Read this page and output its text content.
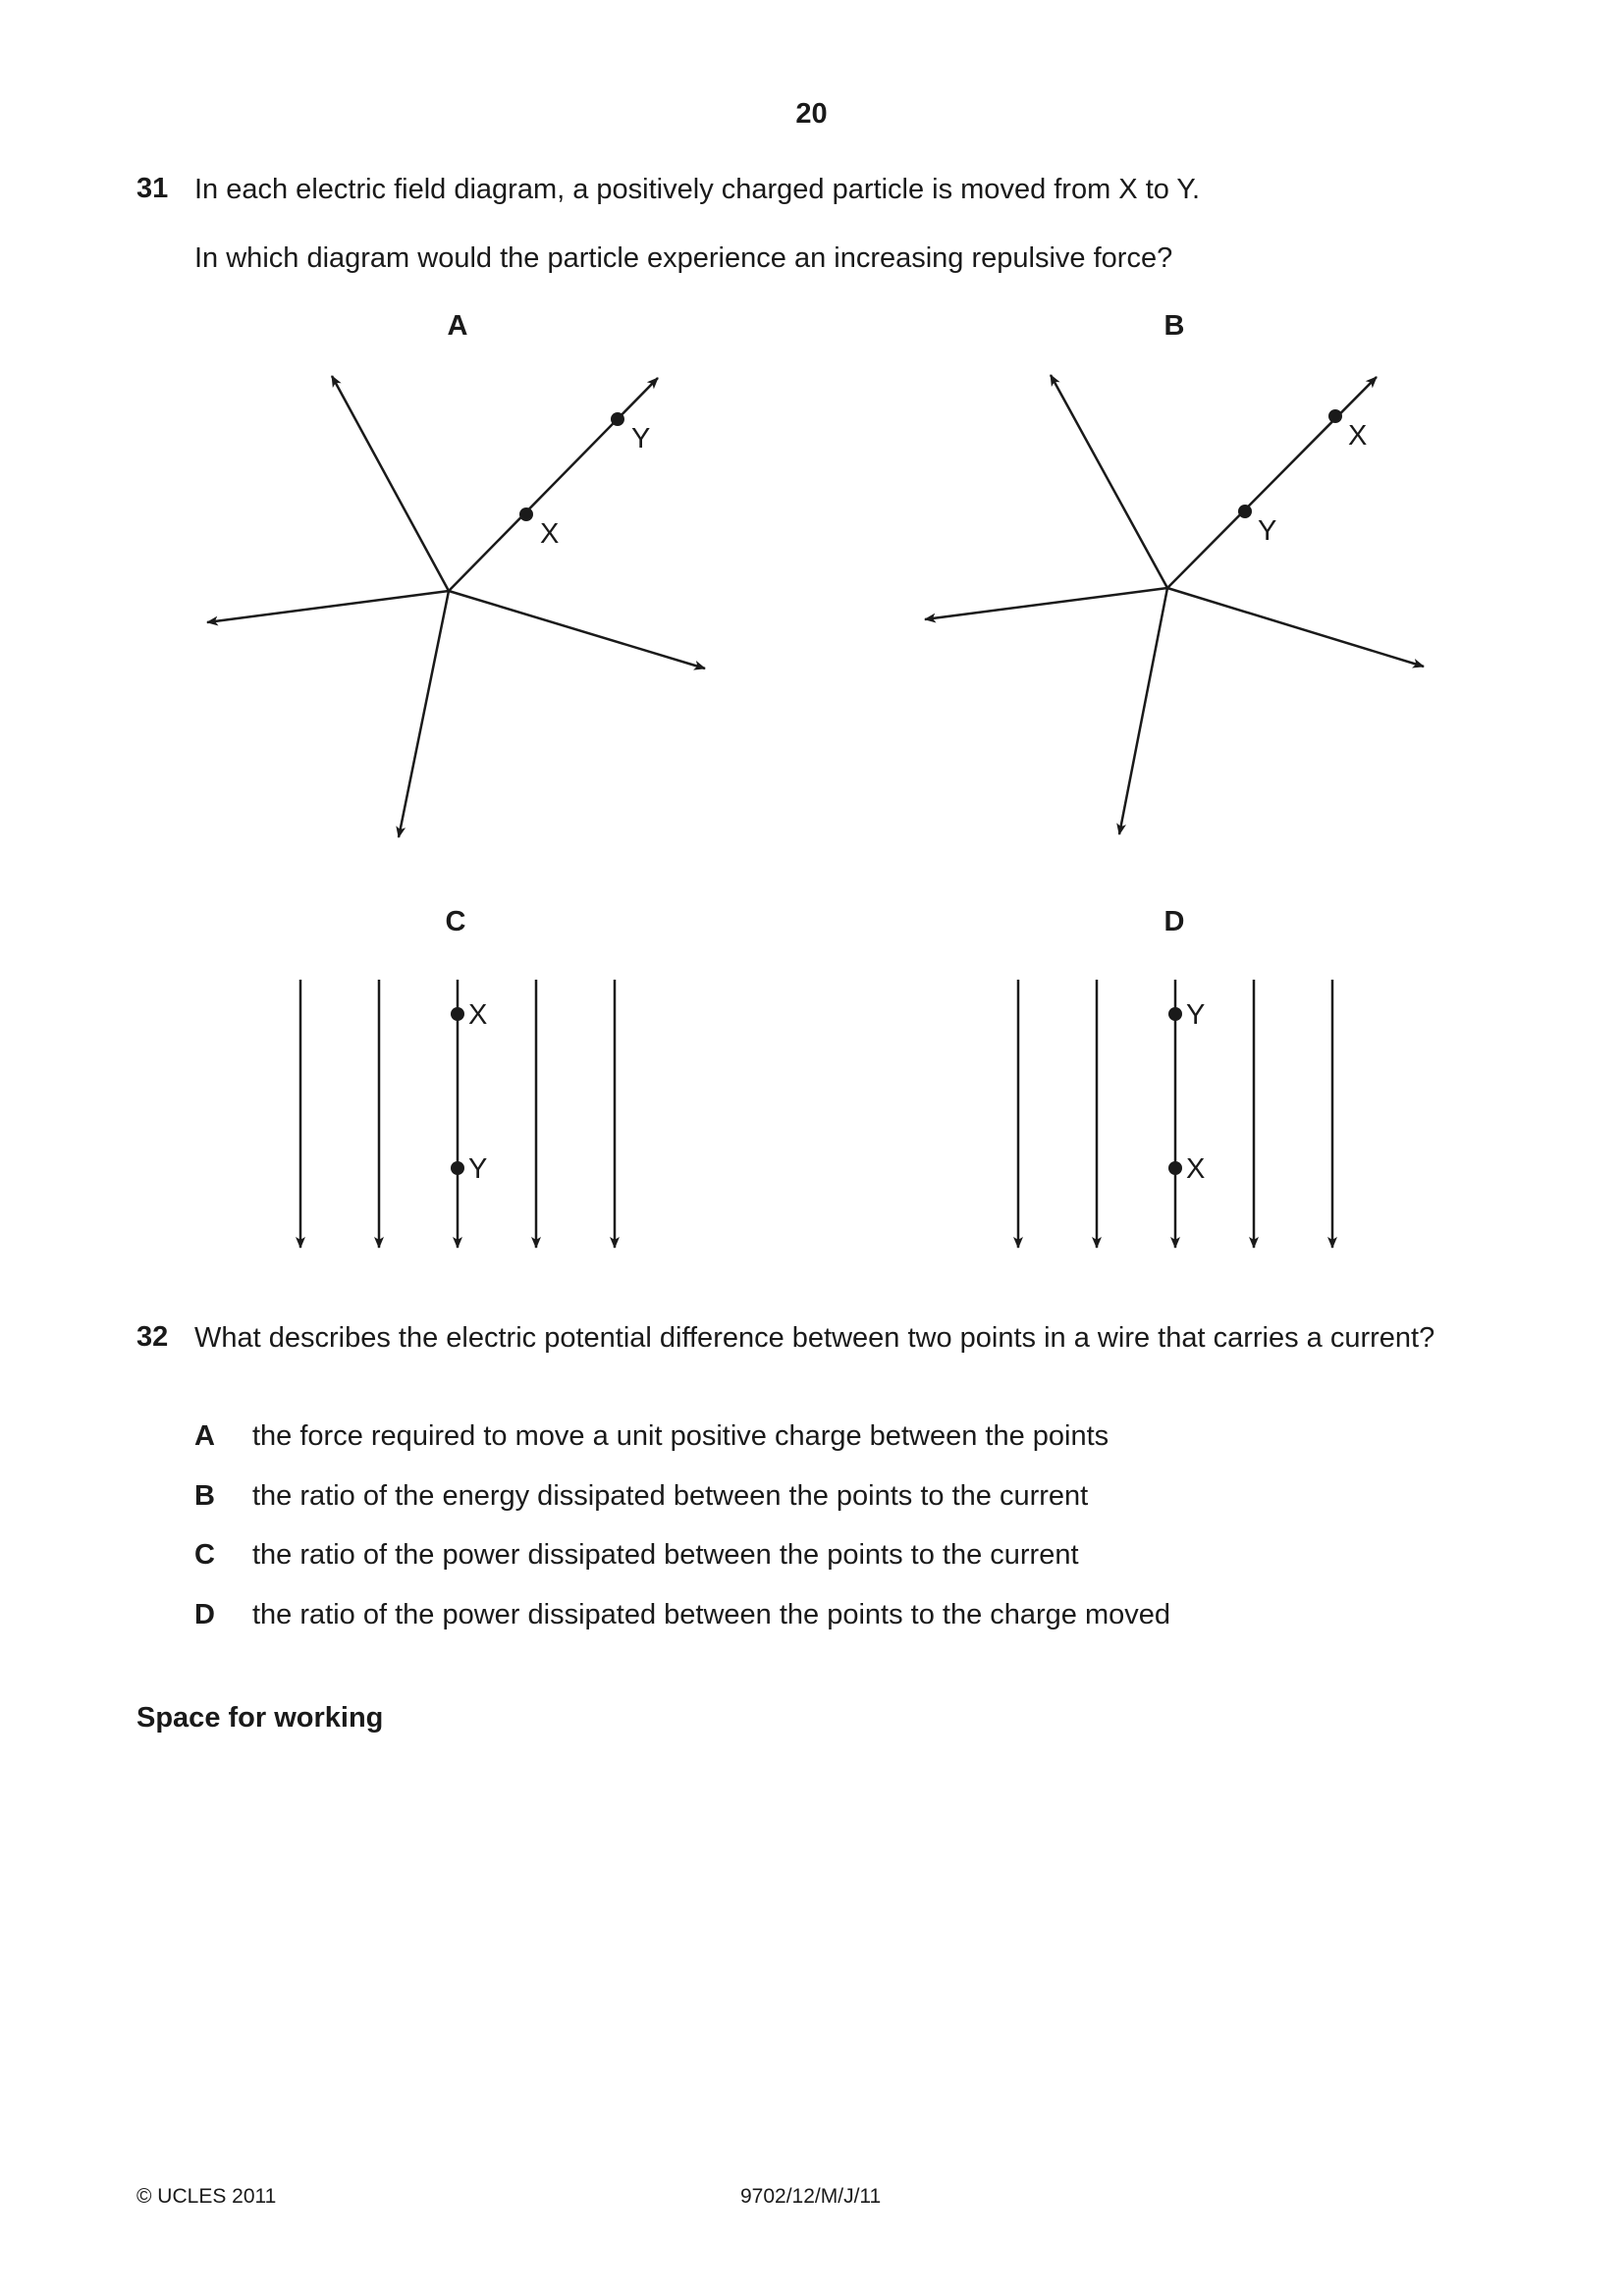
20
31 In each electric field diagram, a positively charged particle is moved from X to Y.
In which diagram would the particle experience an increasing repulsive force?
A	B
C	D
X
Y
Y
X
X
Y
Y
X
32 What describes the electric potential difference between two points in a wire that carries a current?
A the force required to move a unit positive charge between the points
B the ratio of the energy dissipated between the points to the current
C the ratio of the power dissipated between the points to the current
D the ratio of the power dissipated between the points to the charge moved
Space for working
© UCLES 2011	9702/12/M/J/11
